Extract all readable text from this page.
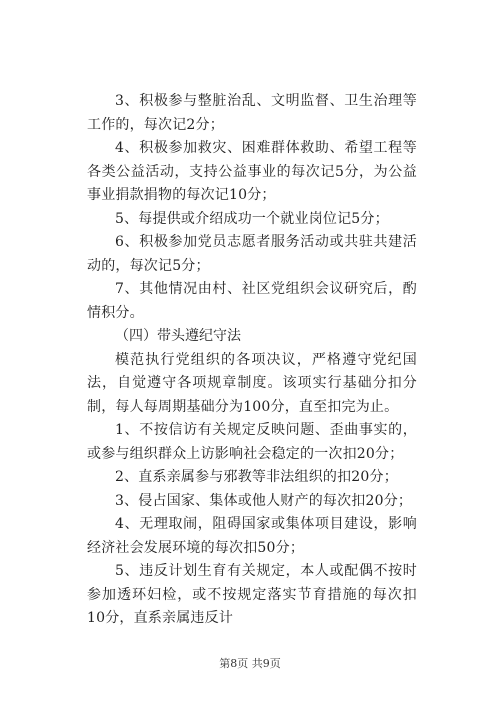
3、积极参与整脏治乱、文明监督、卫生治理等工作的，每次记2分；

4、积极参加救灾、困难群体救助、希望工程等各类公益活动，支持公益事业的每次记5分，为公益事业捐款捐物的每次记10分；

5、每提供或介绍成功一个就业岗位记5分；

6、积极参加党员志愿者服务活动或共驻共建活动的，每次记5分；

7、其他情况由村、社区党组织会议研究后，酌情积分。

（四）带头遵纪守法

模范执行党组织的各项决议，严格遵守党纪国法，自觉遵守各项规章制度。该项实行基础分扣分制，每人每周期基础分为100分，直至扣完为止。

1、不按信访有关规定反映问题、歪曲事实的，或参与组织群众上访影响社会稳定的一次扣20分；

2、直系亲属参与邪教等非法组织的扣20分；

3、侵占国家、集体或他人财产的每次扣20分；

4、无理取闹，阻碍国家或集体项目建设，影响经济社会发展环境的每次扣50分；

5、违反计划生育有关规定，本人或配偶不按时参加透环妇检，或不按规定落实节育措施的每次扣10分，直系亲属违反计

第8页 共9页
